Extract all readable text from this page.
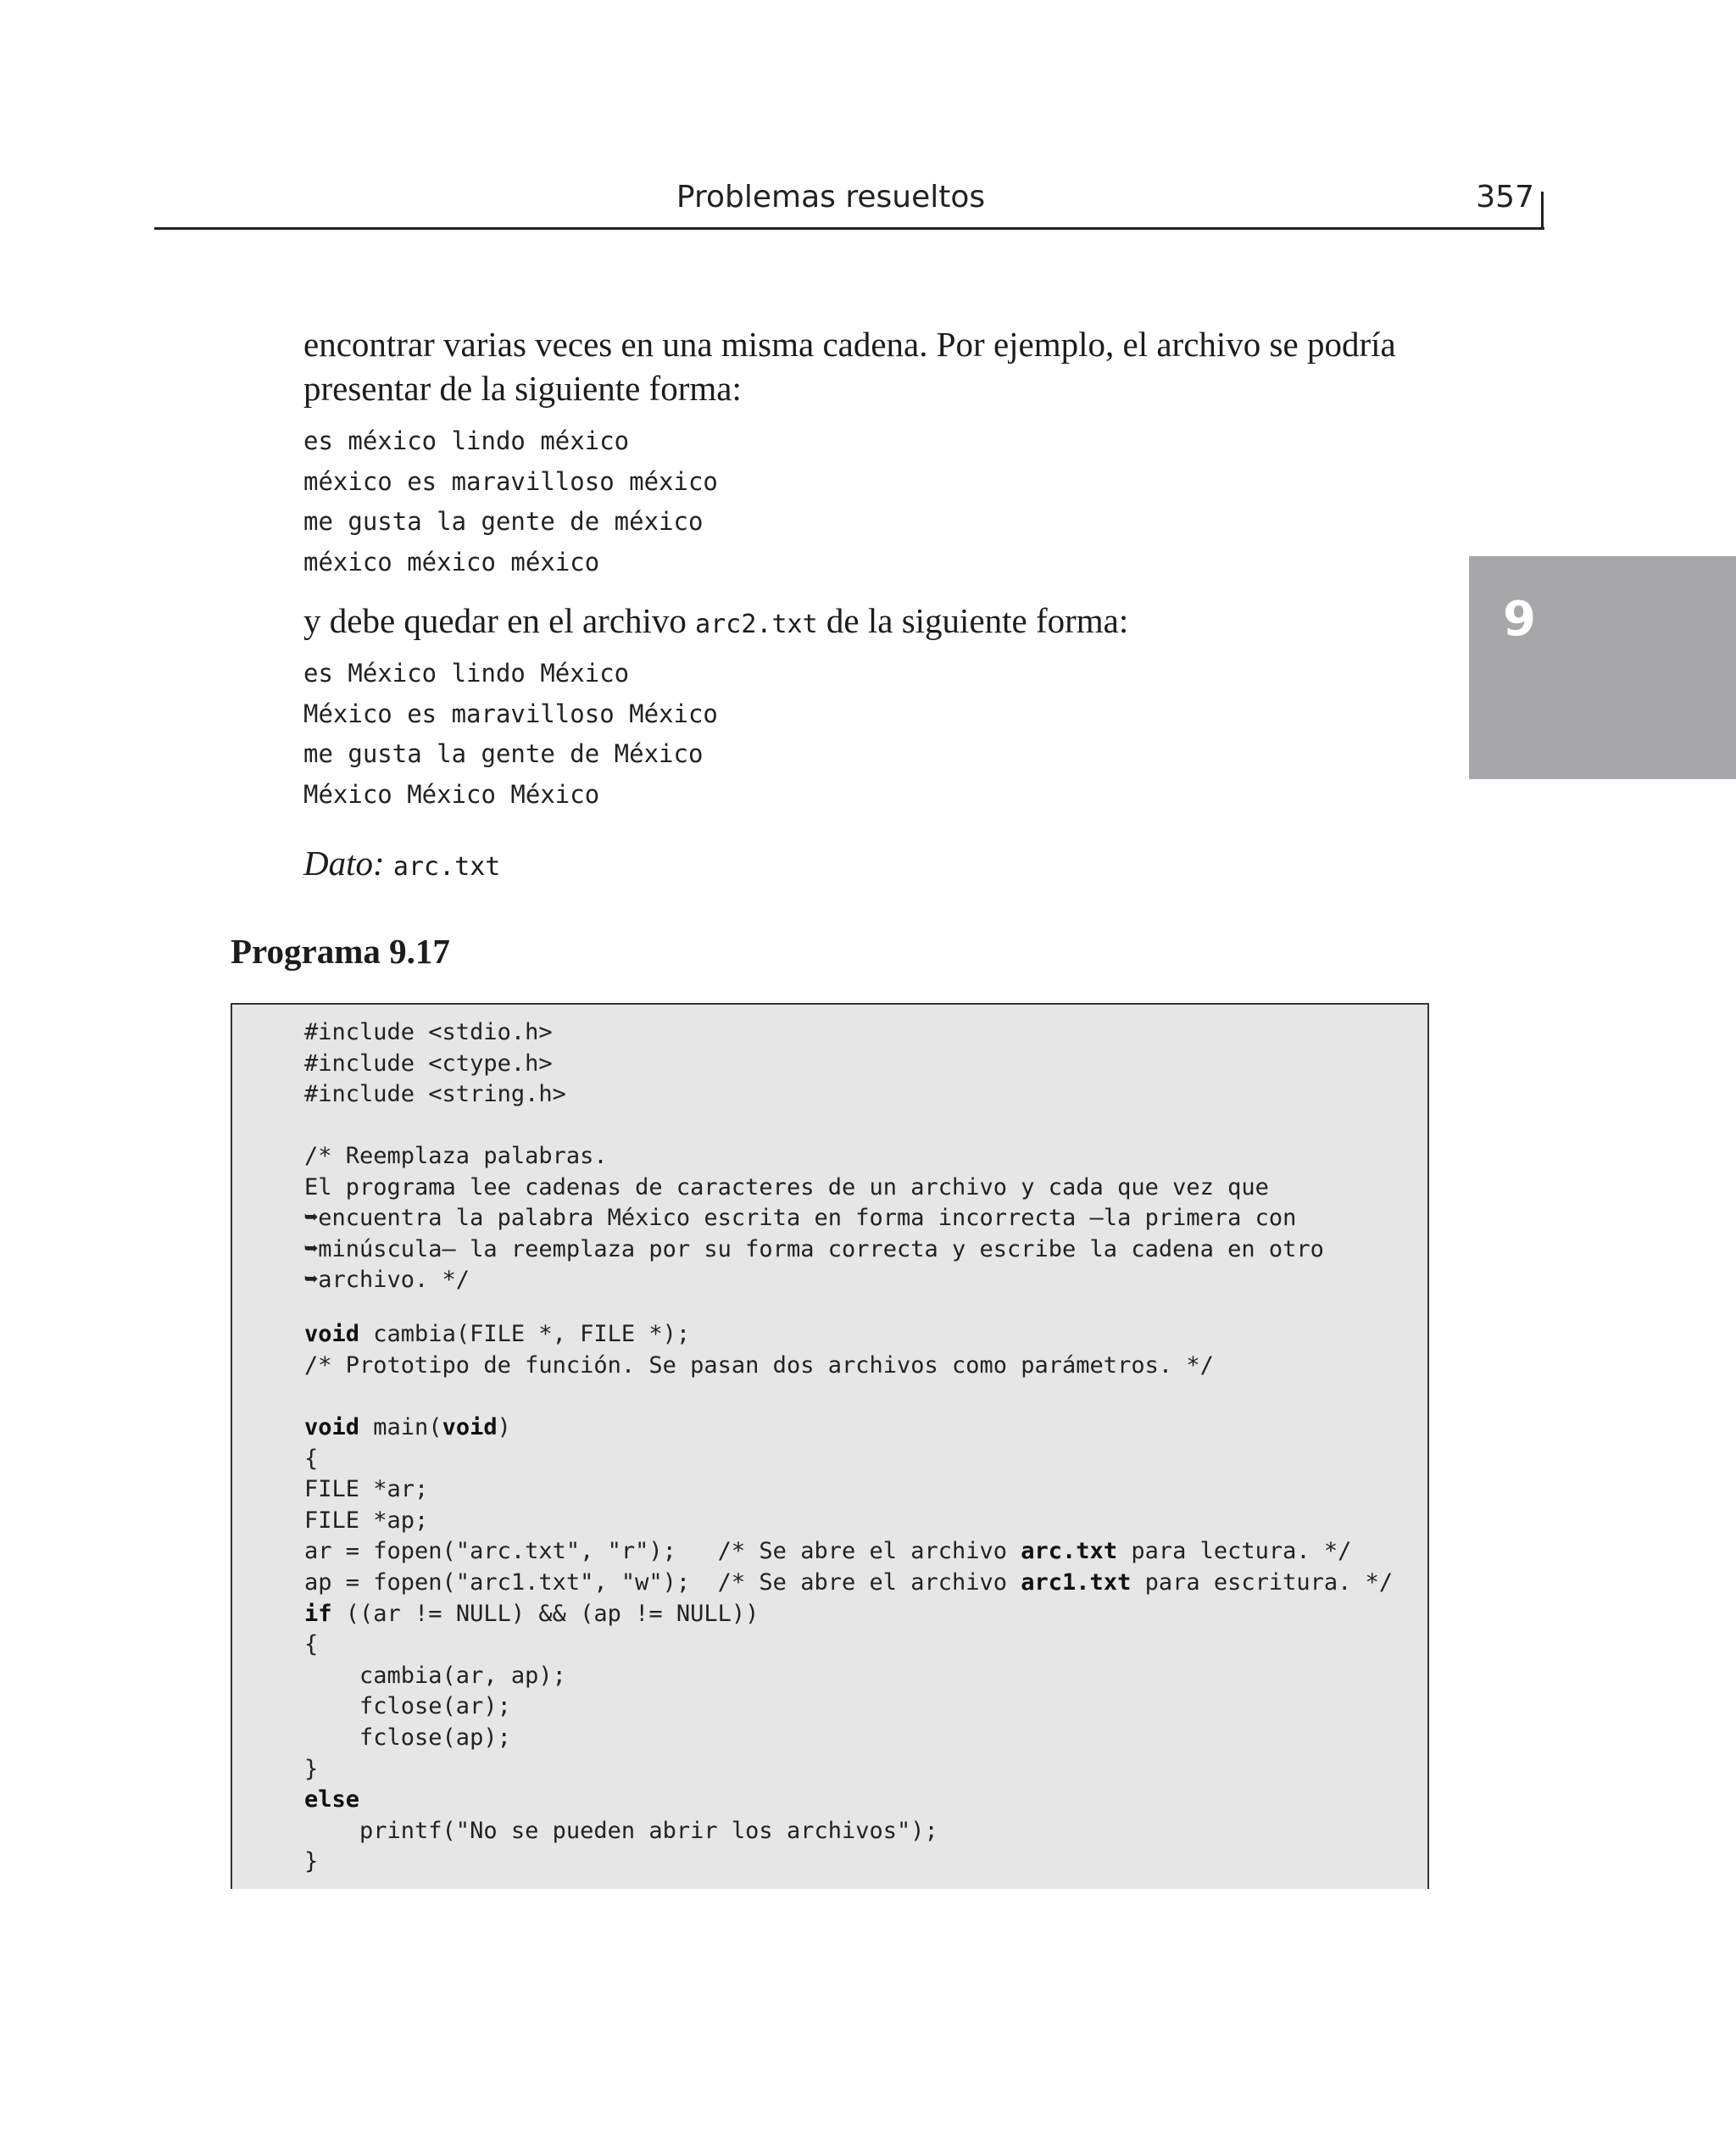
Problemas resueltos	357
9
encontrar varias veces en una misma cadena. Por ejemplo, el archivo se podría presentar de la siguiente forma:
es méxico lindo méxico
méxico es maravilloso méxico
me gusta la gente de méxico
méxico méxico méxico
y debe quedar en el archivo arc2.txt de la siguiente forma:
es México lindo México
México es maravilloso México
me gusta la gente de México
México México México
Dato: arc.txt
Programa 9.17
#include <stdio.h>
#include <ctype.h>
#include <string.h>
/* Reemplaza palabras.
El programa lee cadenas de caracteres de un archivo y cada que vez que
➥encuentra la palabra México escrita en forma incorrecta —la primera con
➥minúscula— la reemplaza por su forma correcta y escribe la cadena en otro
➥archivo. */
void cambia(FILE *, FILE *);
/* Prototipo de función. Se pasan dos archivos como parámetros. */
void main(void)
{
FILE *ar;
FILE *ap;
ar = fopen("arc.txt", "r");   /* Se abre el archivo arc.txt para lectura. */
ap = fopen("arc1.txt", "w");  /* Se abre el archivo arc1.txt para escritura. */
if ((ar != NULL) && (ap != NULL))
{
cambia(ar, ap);
fclose(ar);
fclose(ap);
}
else
printf("No se pueden abrir los archivos");
}
